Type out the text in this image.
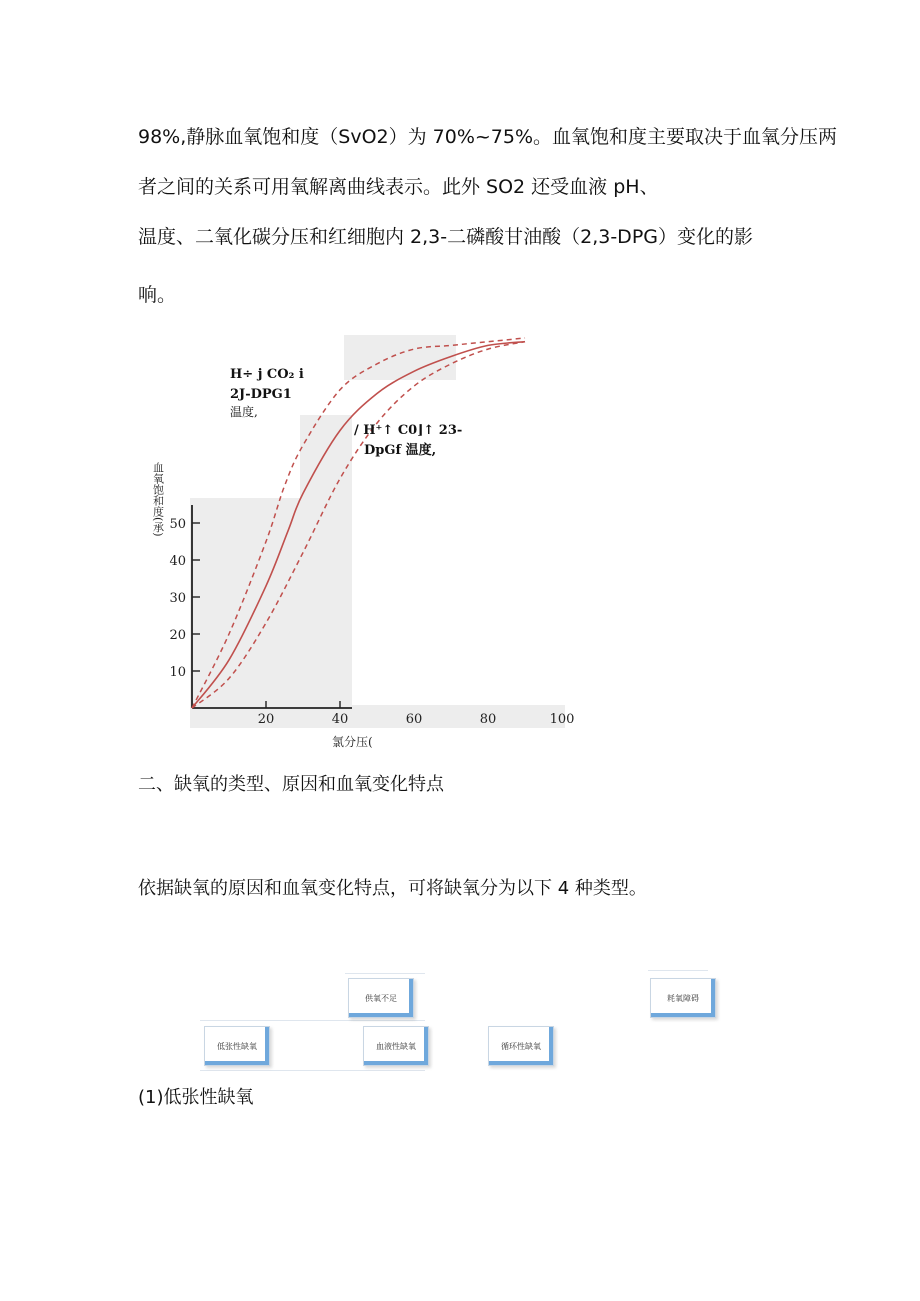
98%,静脉血氧饱和度（SvO2）为 70%~75%。血氧饱和度主要取决于血氧分压两
者之间的关系可用氧解离曲线表示。此外 SO2 还受血液 pH、
温度、二氧化碳分压和红细胞内 2,3-二磷酸甘油酸（2,3-DPG）变化的影
响。
10
20
30
40
50
20	40	60	80	100
血氧饱和度(承)
氯分压(
H÷ j CO₂ i
2J-DPG1
温度,
/ H⁺↑ C0⌋↑ 23-
DpGf 温度,
二、缺氧的类型、原因和血氧变化特点
依据缺氧的原因和血氧变化特点，可将缺氧分为以下 4 种类型。
供氧不足	耗氧障碍
低张性缺氧	血液性缺氧	循环性缺氧
(1)低张性缺氧
